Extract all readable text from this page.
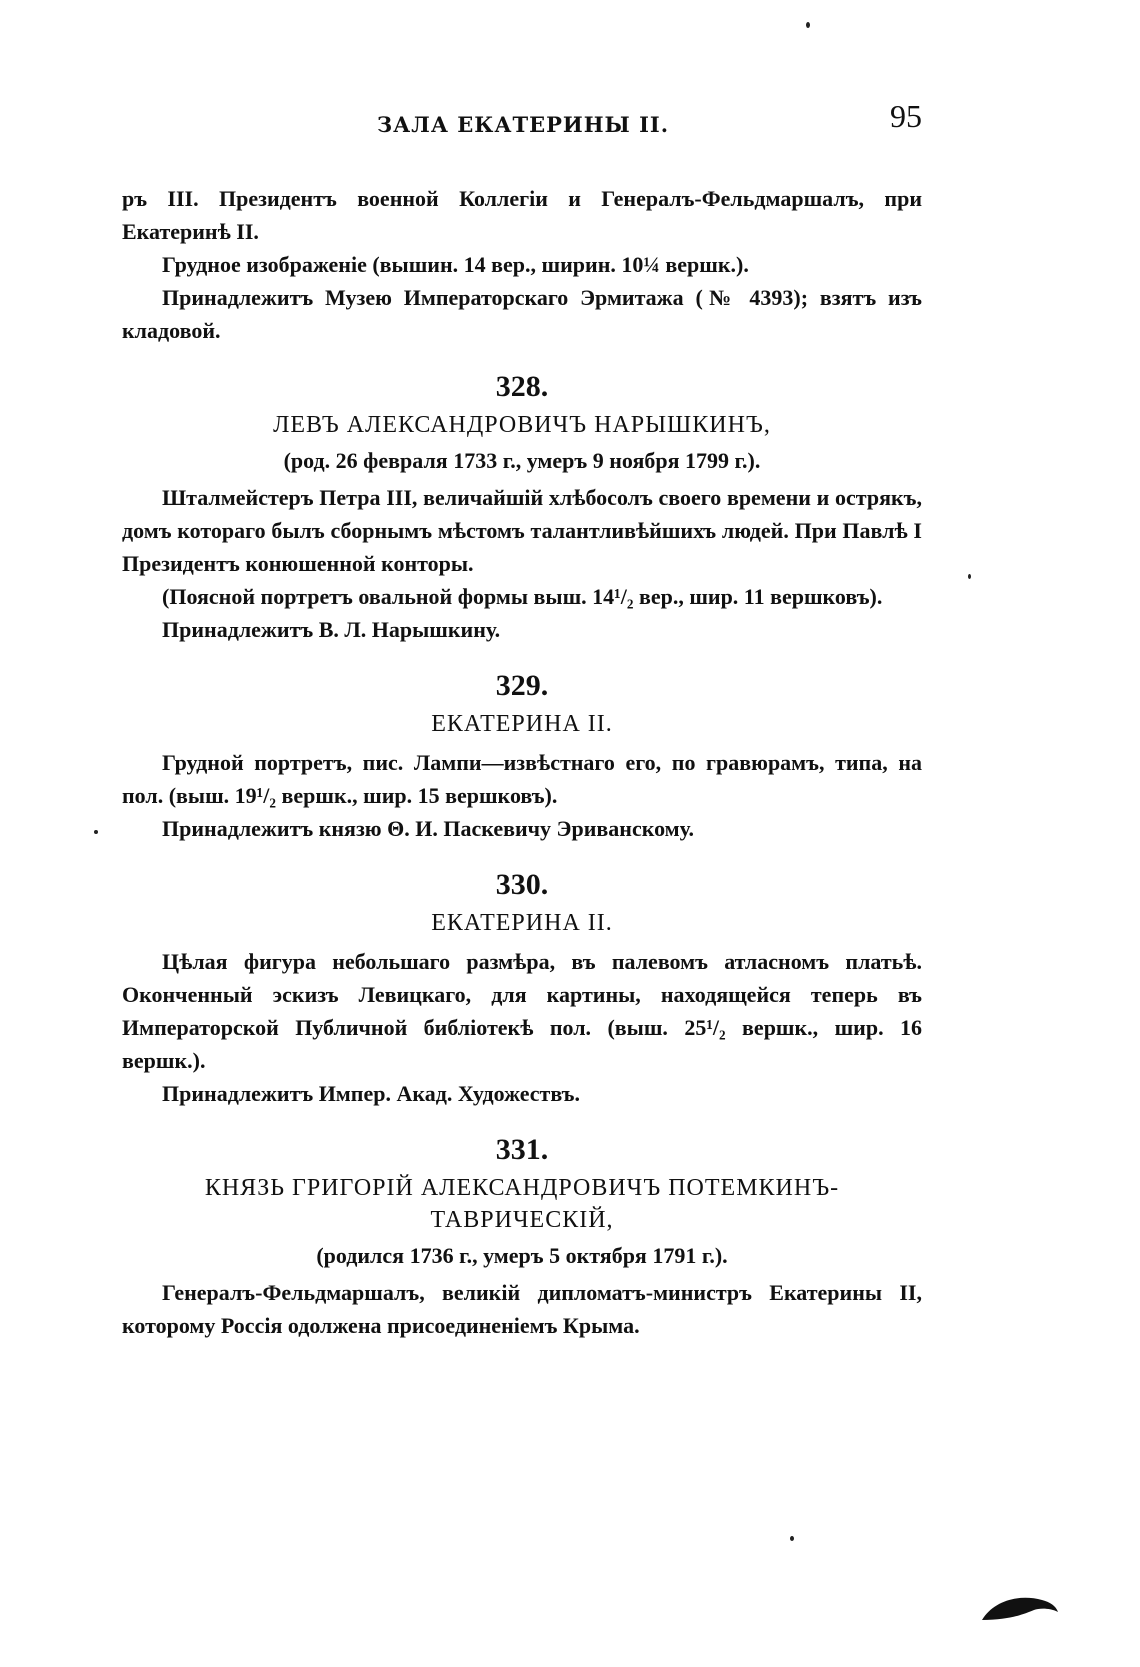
ЗАЛА ЕКАТЕРИНЫ II.	95

ръ III. Президентъ военной Коллегіи и Генералъ-Фельдмаршалъ, при Екатеринѣ II.

Грудное изображеніе (вышин. 14 вер., ширин. 10¼ вершк.).

Принадлежитъ Музею Императорскаго Эрмитажа (№ 4393); взятъ изъ кладовой.

328.
ЛЕВЪ АЛЕКСАНДРОВИЧЪ НАРЫШКИНЪ,
(род. 26 февраля 1733 г., умеръ 9 ноября 1799 г.).

Шталмейстеръ Петра III, величайшій хлѣбосолъ своего времени и острякъ, домъ котораго былъ сборнымъ мѣстомъ талантливѣйшихъ людей. При Павлѣ I Президентъ конюшенной конторы.

(Поясной портретъ овальной формы выш. 14¹/₂ вер., шир. 11 вершковъ).

Принадлежитъ В. Л. Нарышкину.

329.
ЕКАТЕРИНА II.

Грудной портретъ, пис. Лампи—извѣстнаго его, по гравюрамъ, типа, на пол. (выш. 19¹/₂ вершк., шир. 15 вершковъ).

Принадлежитъ князю Θ. И. Паскевичу Эриванскому.

330.
ЕКАТЕРИНА II.

Цѣлая фигура небольшаго размѣра, въ палевомъ атласномъ платьѣ. Оконченный эскизъ Левицкаго, для картины, находящейся теперь въ Императорской Публичной библіотекѣ пол. (выш. 25¹/₂ вершк., шир. 16 вершк.).

Принадлежитъ Импер. Акад. Художествъ.

331.
КНЯЗЬ ГРИГОРІЙ АЛЕКСАНДРОВИЧЪ ПОТЕМКИНЪ-ТАВРИЧЕСКІЙ,
(родился 1736 г., умеръ 5 октября 1791 г.).

Генералъ-Фельдмаршалъ, великій дипломатъ-министръ Екатерины II, которому Россія одолжена присоединеніемъ Крыма.
